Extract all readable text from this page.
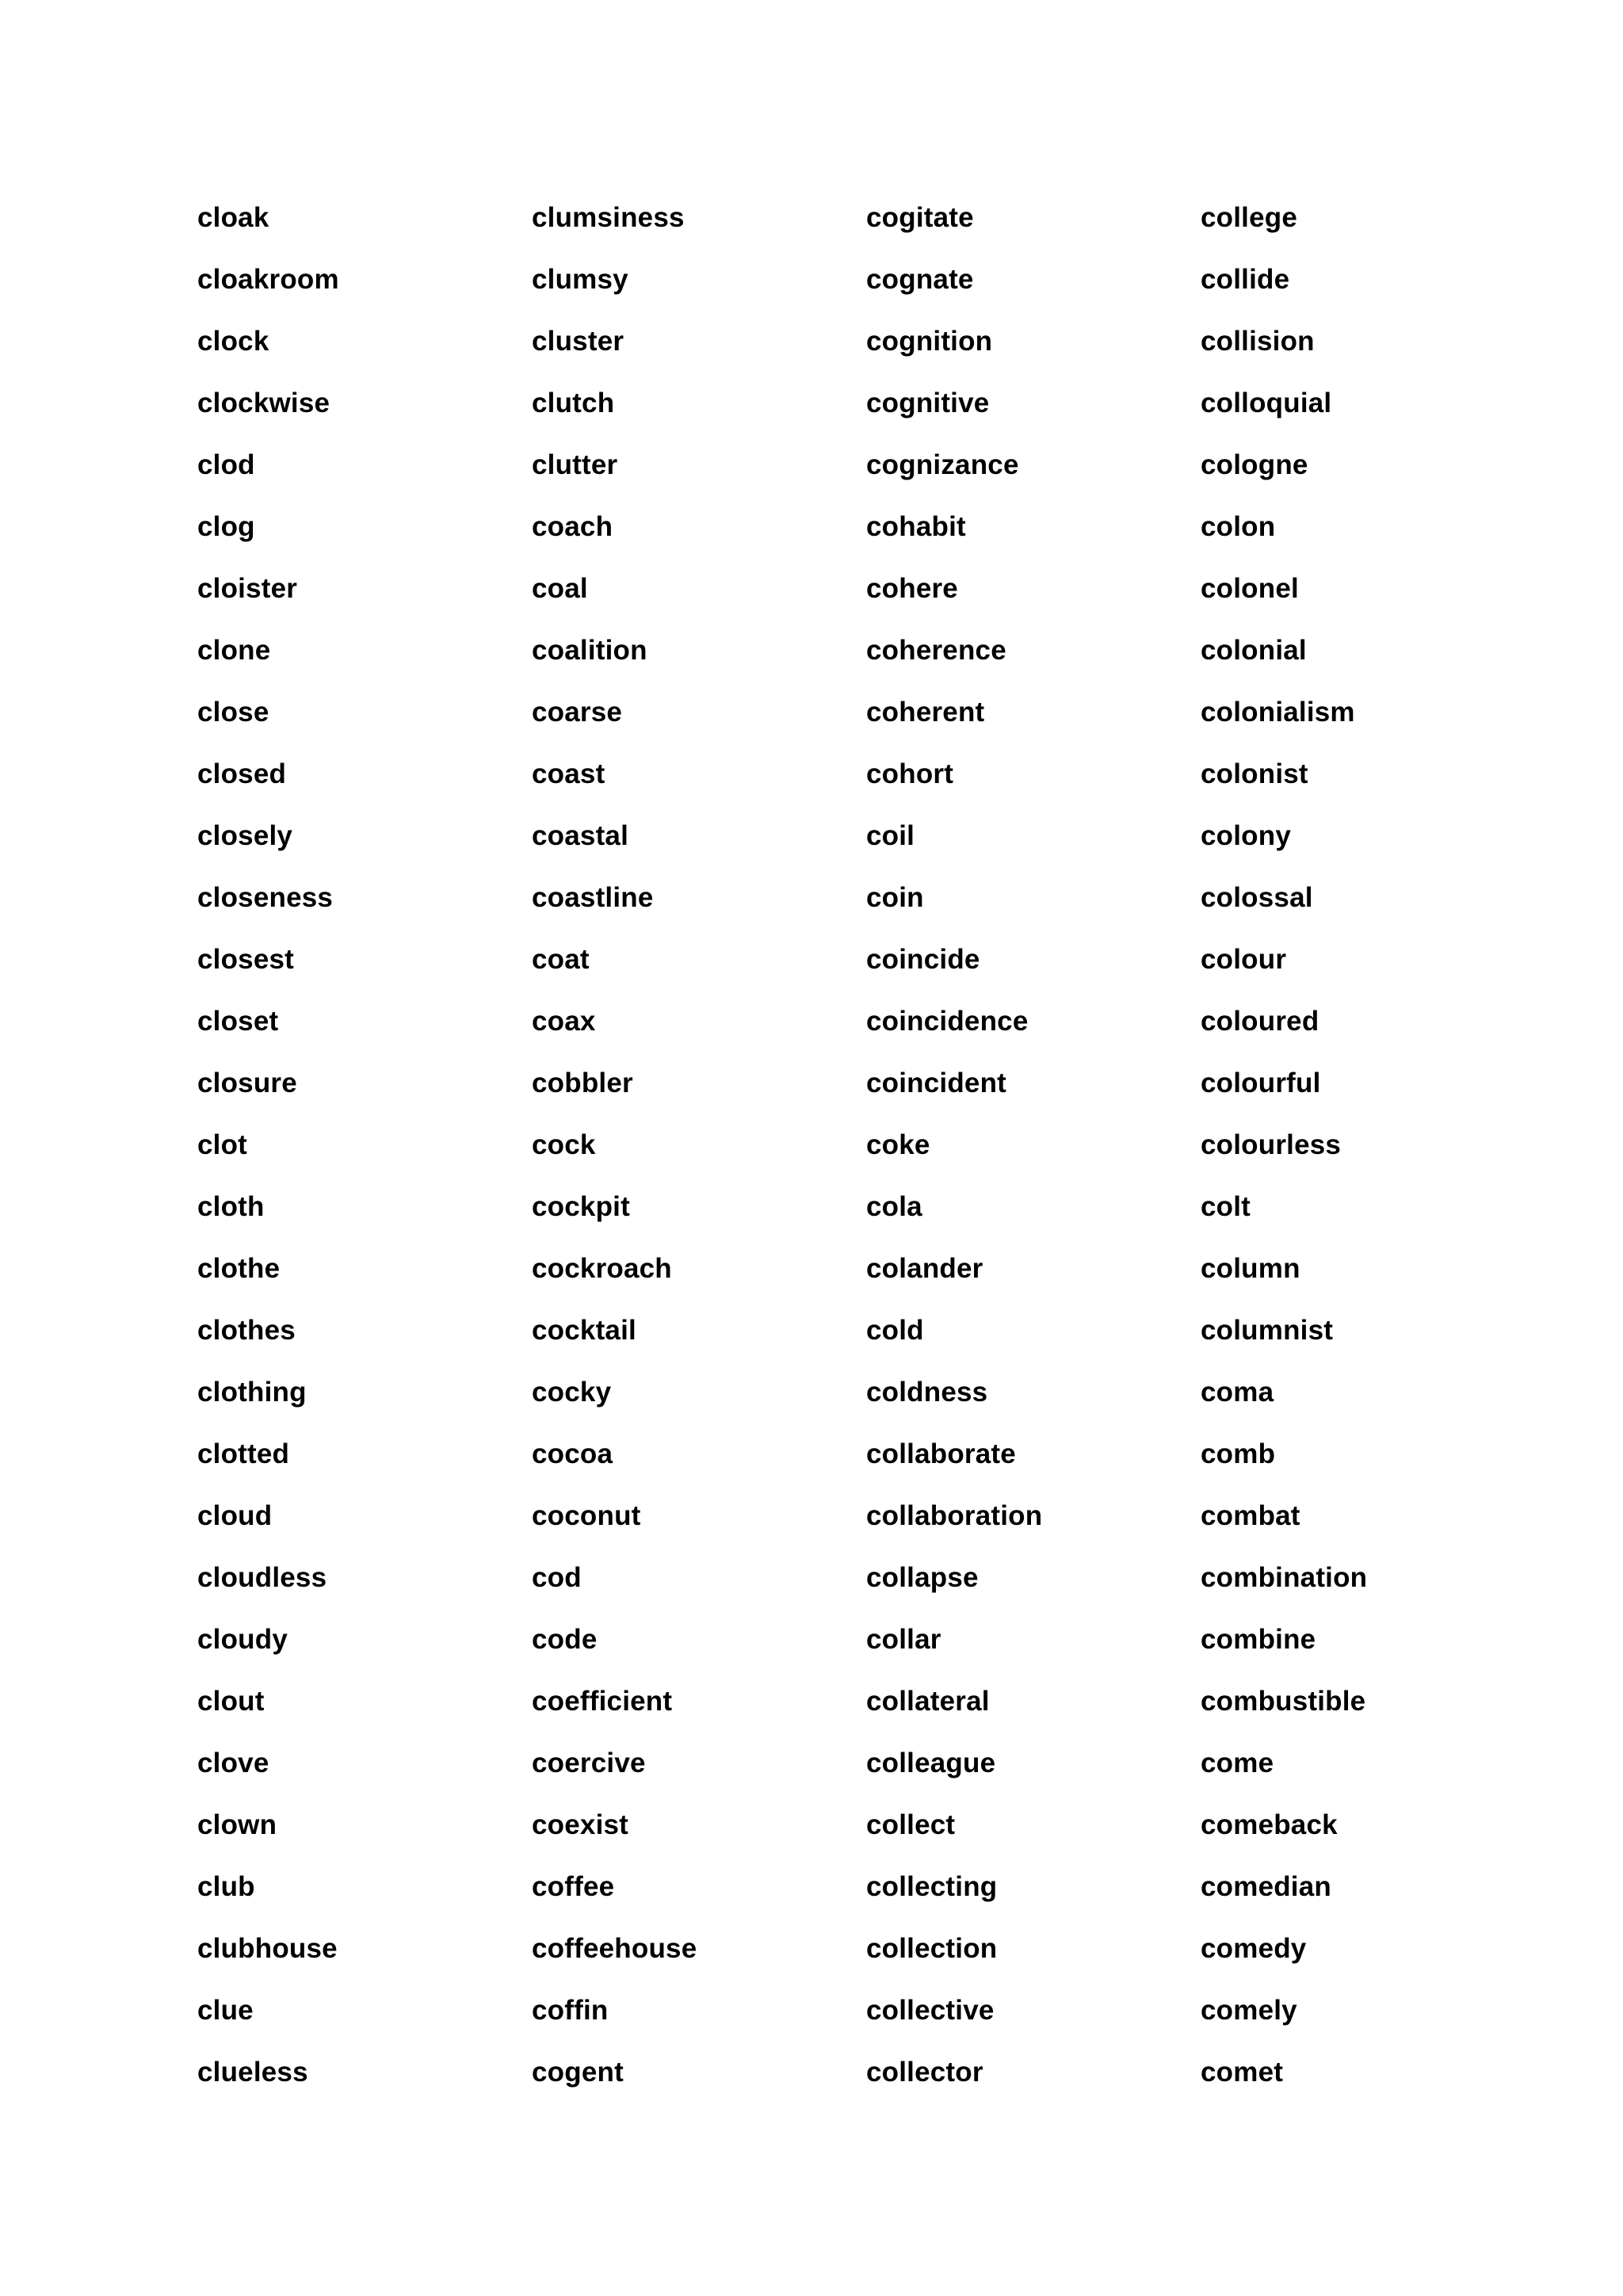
cloak
cloakroom
clock
clockwise
clod
clog
cloister
clone
close
closed
closely
closeness
closest
closet
closure
clot
cloth
clothe
clothes
clothing
clotted
cloud
cloudless
cloudy
clout
clove
clown
club
clubhouse
clue
clueless
clumsiness
clumsy
cluster
clutch
clutter
coach
coal
coalition
coarse
coast
coastal
coastline
coat
coax
cobbler
cock
cockpit
cockroach
cocktail
cocky
cocoa
coconut
cod
code
coefficient
coercive
coexist
coffee
coffeehouse
coffin
cogent
cogitate
cognate
cognition
cognitive
cognizance
cohabit
cohere
coherence
coherent
cohort
coil
coin
coincide
coincidence
coincident
coke
cola
colander
cold
coldness
collaborate
collaboration
collapse
collar
collateral
colleague
collect
collecting
collection
collective
collector
college
collide
collision
colloquial
cologne
colon
colonel
colonial
colonialism
colonist
colony
colossal
colour
coloured
colourful
colourless
colt
column
columnist
coma
comb
combat
combination
combine
combustible
come
comeback
comedian
comedy
comely
comet
